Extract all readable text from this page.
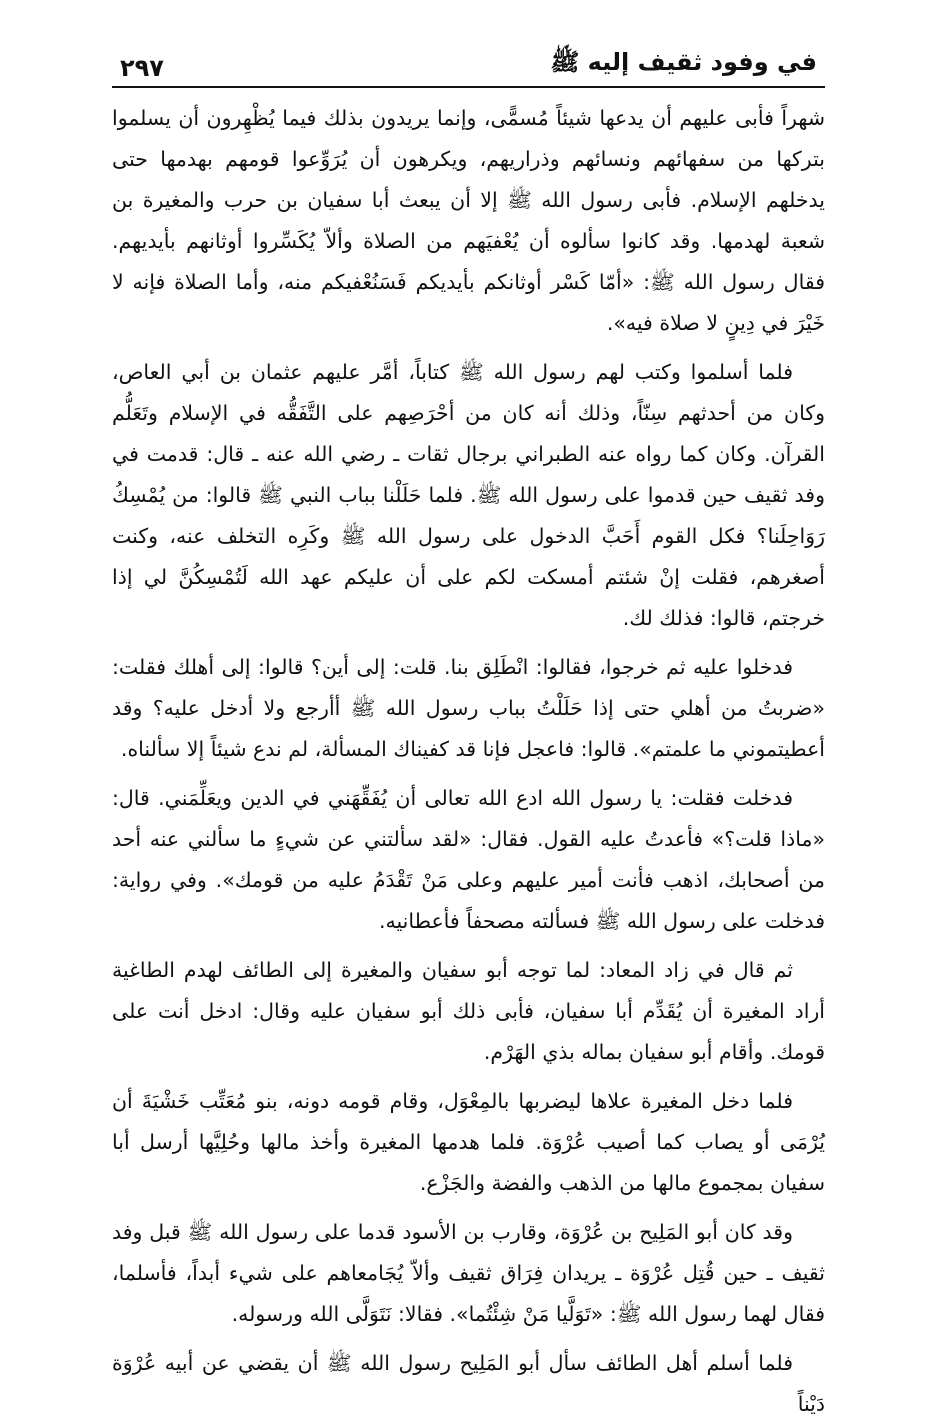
في وفود ثقيف إليه ﷺ
٢٩٧

شهراً فأبى عليهم أن يدعها شيئاً مُسمًّى، وإنما يريدون بذلك فيما يُظْهِرون أن يسلموا بتركها من سفهائهم ونسائهم وذراريهم، ويكرهون أن يُرَوِّعوا قومهم بهدمها حتى يدخلهم الإسلام. فأبى رسول الله ﷺ إلا أن يبعث أبا سفيان بن حرب والمغيرة بن شعبة لهدمها. وقد كانوا سألوه أن يُعْفيَهم من الصلاة وألاّ يُكَسِّروا أوثانهم بأيديهم. فقال رسول الله ﷺ: «أمّا كَسْر أوثانكم بأيديكم فَسَنُعْفيكم منه، وأما الصلاة فإنه لا خَيْرَ في دِينٍ لا صلاة فيه».

فلما أسلموا وكتب لهم رسول الله ﷺ كتاباً، أمَّر عليهم عثمان بن أبي العاص، وكان من أحدثهم سِنّاً، وذلك أنه كان من أحْرَصِهم على التَّفَقُّه في الإسلام وتَعَلُّم القرآن. وكان كما رواه عنه الطبراني برجال ثقات ـ رضي الله عنه ـ قال: قدمت في وفد ثقيف حين قدموا على رسول الله ﷺ. فلما حَلَلْنا بباب النبي ﷺ قالوا: من يُمْسِكُ رَوَاحِلَنا؟ فكل القوم أَحَبَّ الدخول على رسول الله ﷺ وكَرِه التخلف عنه، وكنت أصغرهم، فقلت إنْ شئتم أمسكت لكم على أن عليكم عهد الله لَتُمْسِكُنَّ لي إذا خرجتم، قالوا: فذلك لك.

فدخلوا عليه ثم خرجوا، فقالوا: انْطَلِق بنا. قلت: إلى أين؟ قالوا: إلى أهلك فقلت: «ضربتُ من أهلي حتى إذا حَلَلْتُ بباب رسول الله ﷺ أأرجع ولا أدخل عليه؟ وقد أعطيتموني ما علمتم». قالوا: فاعجل فإنا قد كفيناك المسألة، لم ندع شيئاً إلا سألناه.

فدخلت فقلت: يا رسول الله ادع الله تعالى أن يُفَقِّهَني في الدين ويعَلِّمَني. قال: «ماذا قلت؟» فأعدتُ عليه القول. فقال: «لقد سألتني عن شيءٍ ما سألني عنه أحد من أصحابك، اذهب فأنت أمير عليهم وعلى مَنْ تَقْدَمُ عليه من قومك». وفي رواية: فدخلت على رسول الله ﷺ فسألته مصحفاً فأعطانيه.

ثم قال في زاد المعاد: لما توجه أبو سفيان والمغيرة إلى الطائف لهدم الطاغية أراد المغيرة أن يُقَدِّم أبا سفيان، فأبى ذلك أبو سفيان عليه وقال: ادخل أنت على قومك. وأقام أبو سفيان بماله بذي الهَرْم.

فلما دخل المغيرة علاها ليضربها بالمِعْوَل، وقام قومه دونه، بنو مُعَتِّب خَشْيَةَ أن يُرْمَى أو يصاب كما أصيب عُرْوَة. فلما هدمها المغيرة وأخذ مالها وحُلِيَّها أرسل أبا سفيان بمجموع مالها من الذهب والفضة والجَزْع.

وقد كان أبو المَلِيح بن عُرْوَة، وقارب بن الأسود قدما على رسول الله ﷺ قبل وفد ثقيف ـ حين قُتِل عُرْوَة ـ يريدان فِرَاق ثقيف وألاّ يُجَامعاهم على شيء أبداً، فأسلما، فقال لهما رسول الله ﷺ: «تَوَلَّيا مَنْ شِئْتُما». فقالا: نَتَوَلَّى الله ورسوله.

فلما أسلم أهل الطائف سأل أبو المَلِيح رسول الله ﷺ أن يقضي عن أبيه عُرْوَة دَيْناً
